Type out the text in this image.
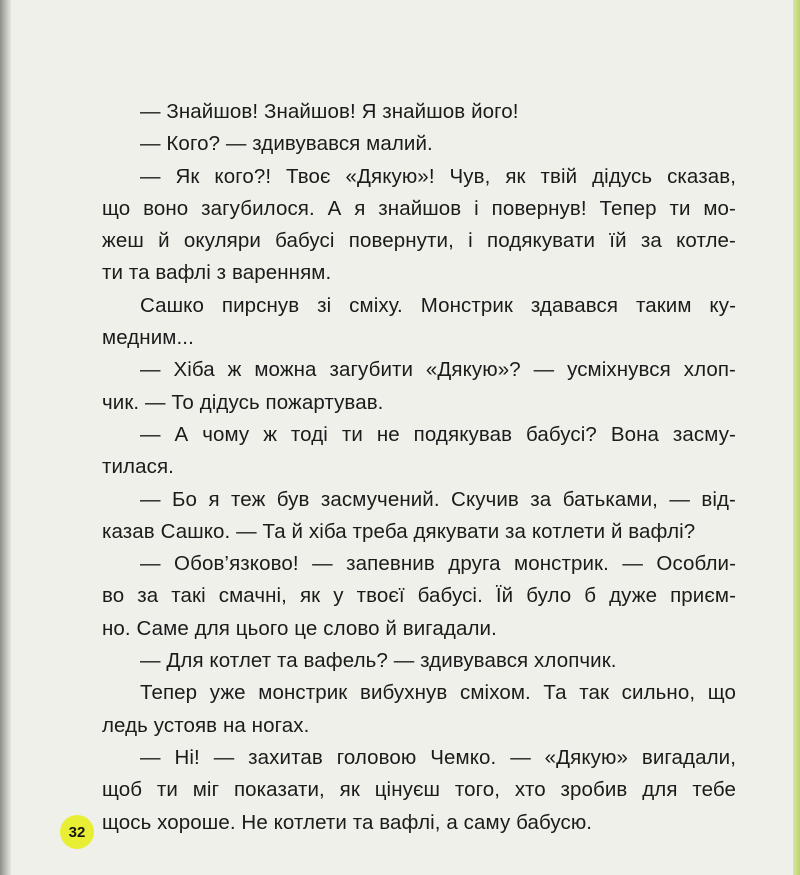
— Знайшов! Знайшов! Я знайшов його!
— Кого? — здивувався малий.
— Як кого?! Твоє «Дякую»! Чув, як твій дідусь сказав,
що воно загубилося. А я знайшов і повернув! Тепер ти мо-
жеш й окуляри бабусі повернути, і подякувати їй за котле-
ти та вафлі з варенням.
Сашко пирснув зі сміху. Монстрик здавався таким ку-
медним...
— Хіба ж можна загубити «Дякую»? — усміхнувся хлоп-
чик. — То дідусь пожартував.
— А чому ж тоді ти не подякував бабусі? Вона засму-
тилася.
— Бо я теж був засмучений. Скучив за батьками, — від-
казав Сашко. — Та й хіба треба дякувати за котлети й вафлі?
— Обов’язково! — запевнив друга монстрик. — Особли-
во за такі смачні, як у твоєї бабусі. Їй було б дуже приєм-
но. Саме для цього це слово й вигадали.
— Для котлет та вафель? — здивувався хлопчик.
Тепер уже монстрик вибухнув сміхом. Та так сильно, що
ледь устояв на ногах.
— Ні! — захитав головою Чемко. — «Дякую» вигадали,
щоб ти міг показати, як цінуєш того, хто зробив для тебе
щось хороше. Не котлети та вафлі, а саму бабусю.
32
